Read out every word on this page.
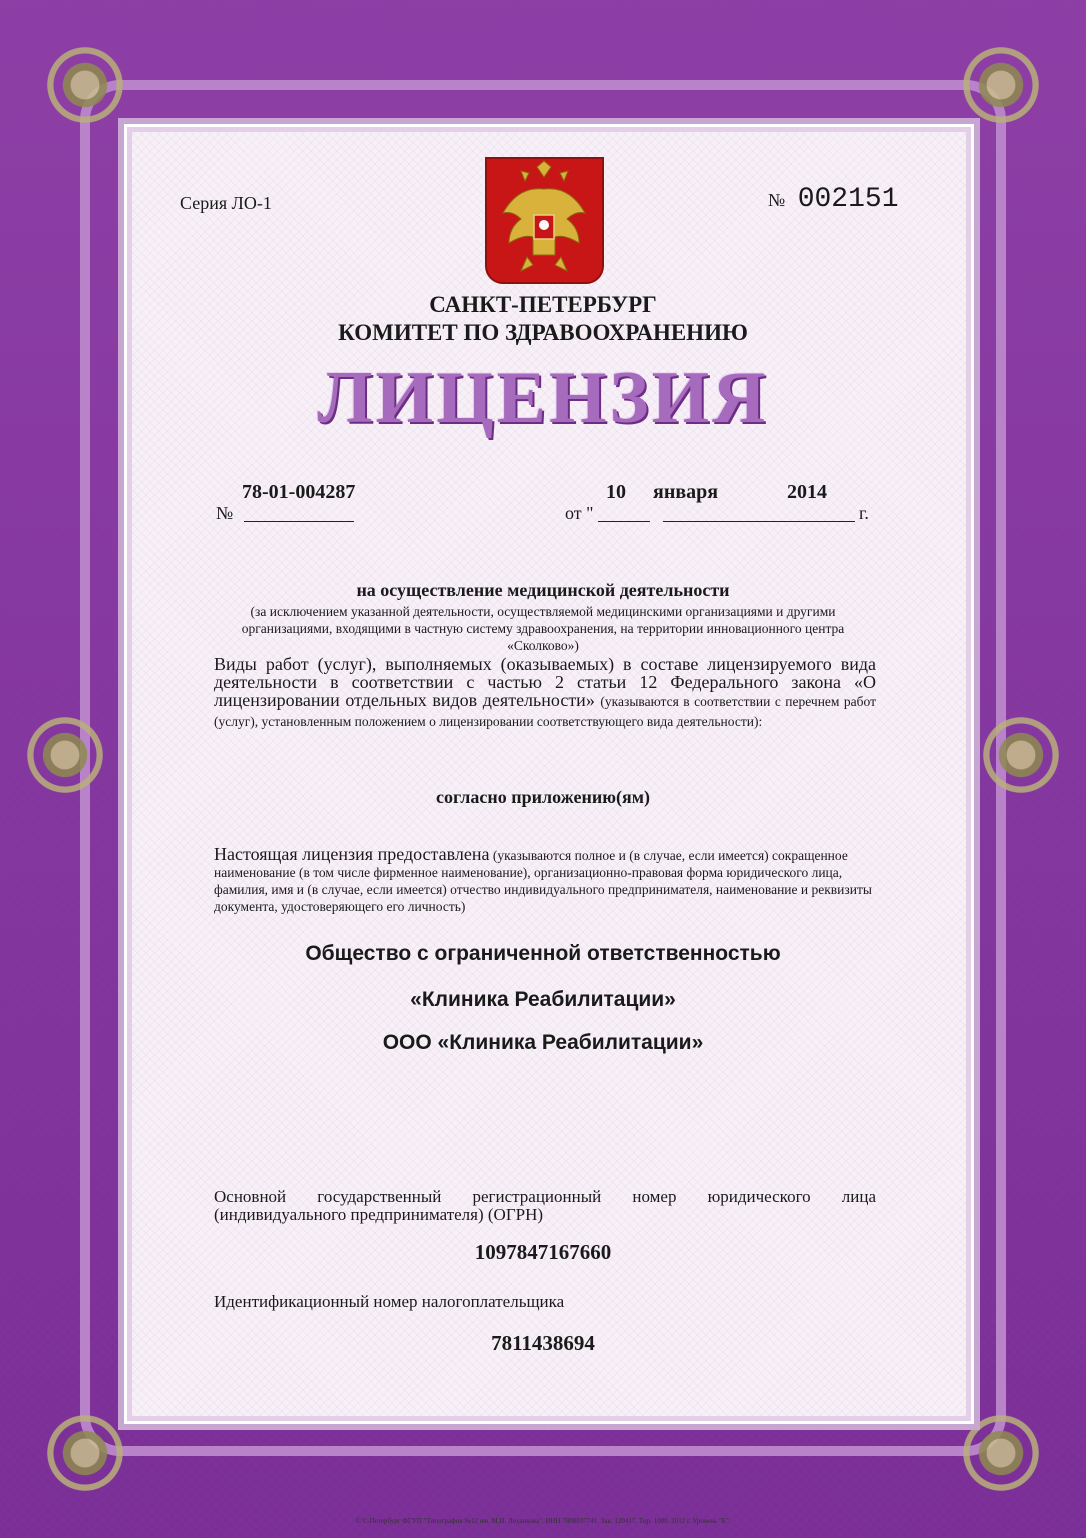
Серия ЛО-1	№ 002151
САНКТ-ПЕТЕРБУРГ
КОМИТЕТ ПО ЗДРАВООХРАНЕНИЮ
ЛИЦЕНЗИЯ
78-01-004287
№	от "
10 января	2014
г.
на осуществление медицинской деятельности
(за исключением указанной деятельности, осуществляемой медицинскими организациями и другими организациями, входящими в частную систему здравоохранения, на территории инновационного центра «Сколково»)
Виды работ (услуг), выполняемых (оказываемых) в составе лицензируемого вида деятельности в соответствии с частью 2 статьи 12 Федерального закона «О лицензировании отдельных видов деятельности» (указываются в соответствии с перечнем работ (услуг), установленным положением о лицензировании соответствующего вида деятельности):
согласно приложению(ям)
Настоящая лицензия предоставлена (указываются полное и (в случае, если имеется) сокращенное наименование (в том числе фирменное наименование), организационно-правовая форма юридического лица, фамилия, имя и (в случае, если имеется) отчество индивидуального предпринимателя, наименование и реквизиты документа, удостоверяющего его личность)
Общество с ограниченной ответственностью
«Клиника Реабилитации»
ООО «Клиника Реабилитации»
Основной государственный регистрационный номер юридического лица (индивидуального предпринимателя) (ОГРН)
1097847167660
Идентификационный номер налогоплательщика
7811438694
© С-Петербург ФГУП "Типография №12 им. М.И. Лоханкова". ИНН 7808037741. Зак. 120417. Тир. 1000. 2012 г. Уровень "Б".
